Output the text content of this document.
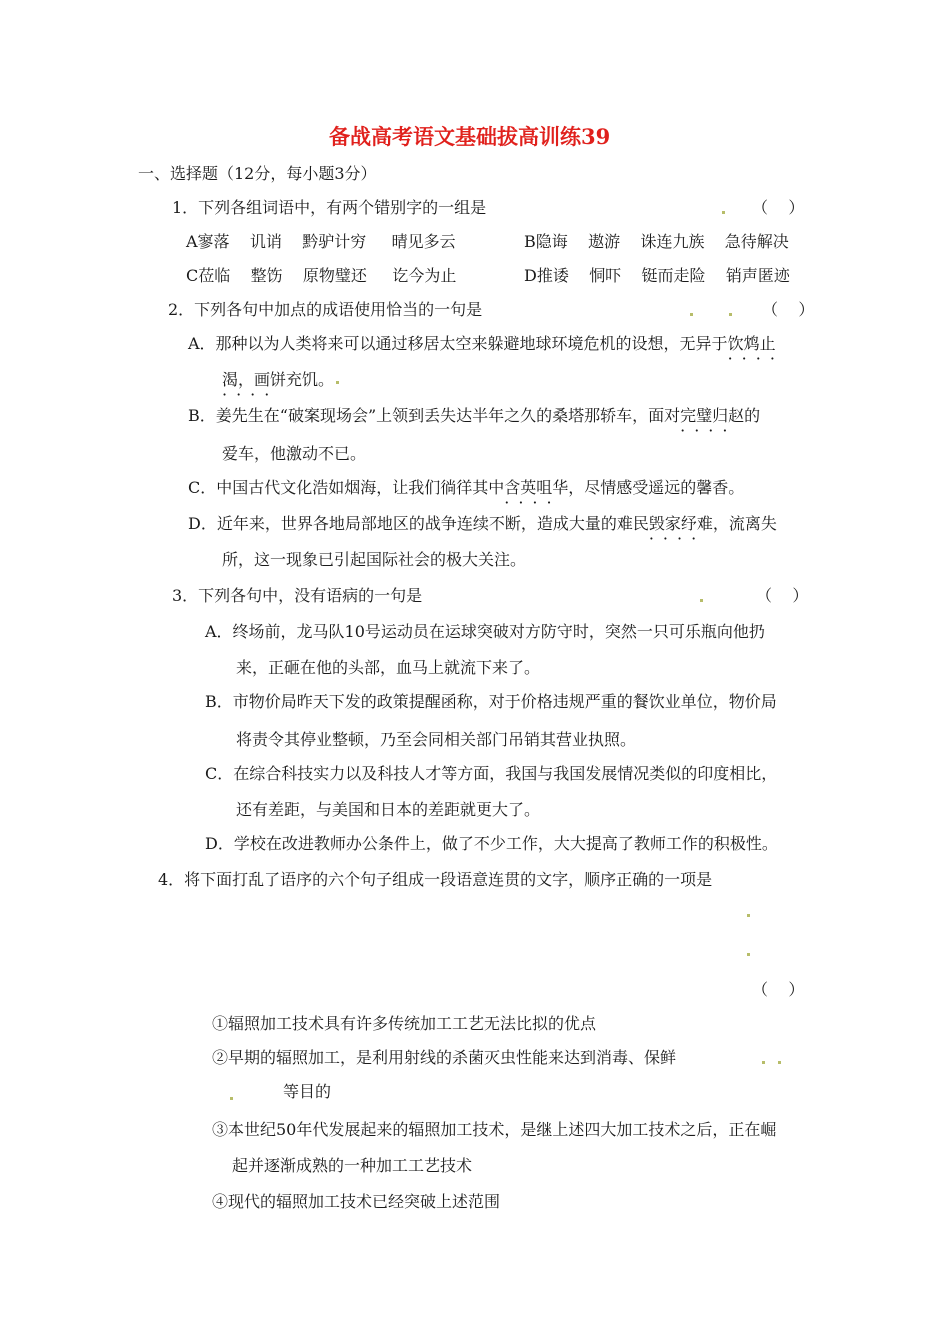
备战高考语文基础拔高训练39
一、选择题（12分，每小题3分）
1．下列各组词语中，有两个错别字的一组是	（    ）
A寥落    讥诮    黔驴计穷     晴见多云	B隐诲    遨游    诛连九族    急待解决
C莅临    整饬    原物璧还     讫今为止	D推诿    恫吓    铤而走险    销声匿迹
2．下列各句中加点的成语使用恰当的一句是	（    ）
A．那种以为人类将来可以通过移居太空来躲避地球环境危机的设想，无异于饮鸩止 ····
渴 ····，画饼充饥。
B．姜先生在“破案现场会”上领到丢失达半年之久的桑塔那轿车，面对完璧归赵 ····的
爱车，他激动不已。
C．中国古代文化浩如烟海，让我们徜徉其中含英咀华 ····，尽情感受遥远的馨香。
D．近年来，世界各地局部地区的战争连续不断，造成大量的难民毁家纾难 ····，流离失
所，这一现象已引起国际社会的极大关注。
3．下列各句中，没有语病的一句是	（    ）
A．终场前，龙马队10号运动员在运球突破对方防守时，突然一只可乐瓶向他扔
来，正砸在他的头部，血马上就流下来了。
B．市物价局昨天下发的政策提醒函称，对于价格违规严重的餐饮业单位，物价局
将责令其停业整顿，乃至会同相关部门吊销其营业执照。
C．在综合科技实力以及科技人才等方面，我国与我国发展情况类似的印度相比，
还有差距，与美国和日本的差距就更大了。
D．学校在改进教师办公条件上，做了不少工作，大大提高了教师工作的积极性。
4．将下面打乱了语序的六个句子组成一段语意连贯的文字，顺序正确的一项是
（    ）
①辐照加工技术具有许多传统加工工艺无法比拟的优点
②早期的辐照加工，是利用射线的杀菌灭虫性能来达到消毒、保鲜
等目的
③本世纪50年代发展起来的辐照加工技术，是继上述四大加工技术之后，正在崛
起并逐渐成熟的一种加工工艺技术
④现代的辐照加工技术已经突破上述范围
